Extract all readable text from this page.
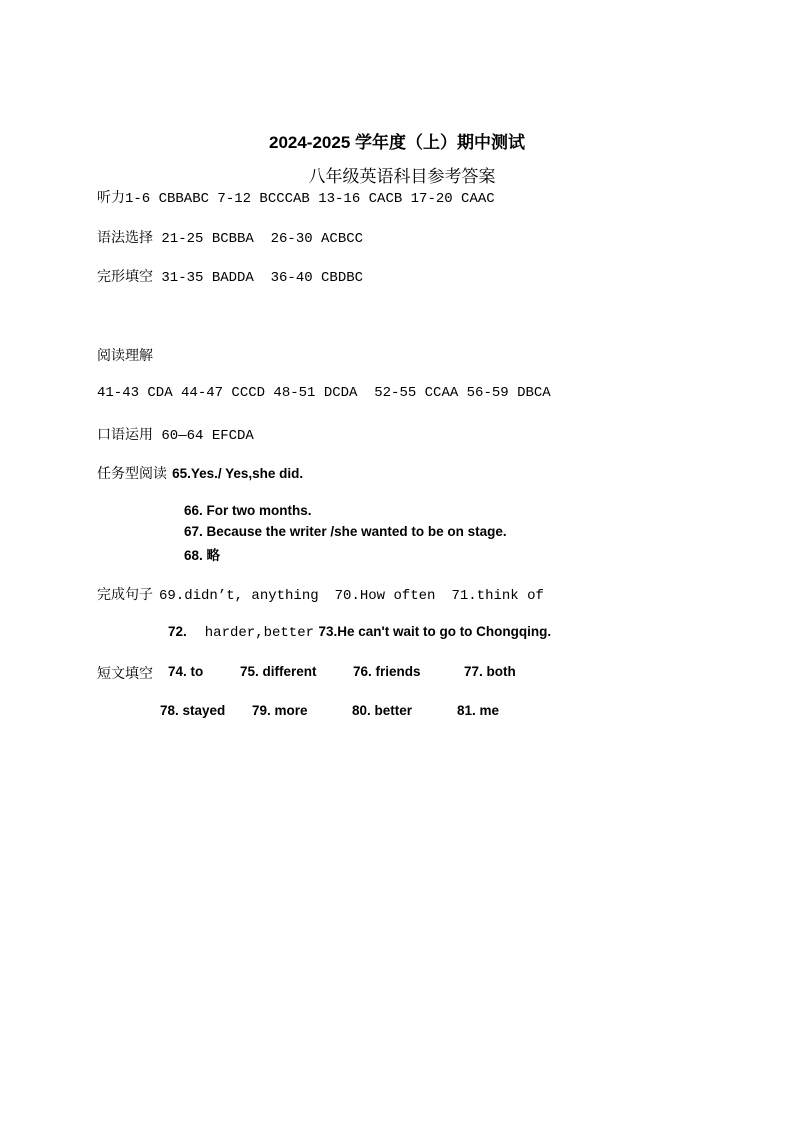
2024-2025 学年度（上）期中测试
八年级英语科目参考答案
听力1-6 CBBABC 7-12 BCCCAB 13-16 CACB 17-20 CAAC
语法选择 21-25 BCBBA  26-30 ACBCC
完形填空 31-35 BADDA  36-40 CBDBC
阅读理解
41-43 CDA 44-47 CCCD 48-51 DCDA  52-55 CCAA 56-59 DBCA
口语运用 60—64 EFCDA
任务型阅读 65.Yes./ Yes,she did.
66. For two months.
67. Because the writer /she wanted to be on stage.
68. 略
完成句子 69.didn’t, anything 70.How often 71.think of
72. harder,better 73.He can't wait to go to Chongqing.
短文填空 74. to	75. different	76. friends	77. both
78. stayed 79. more	80. better	81. me
